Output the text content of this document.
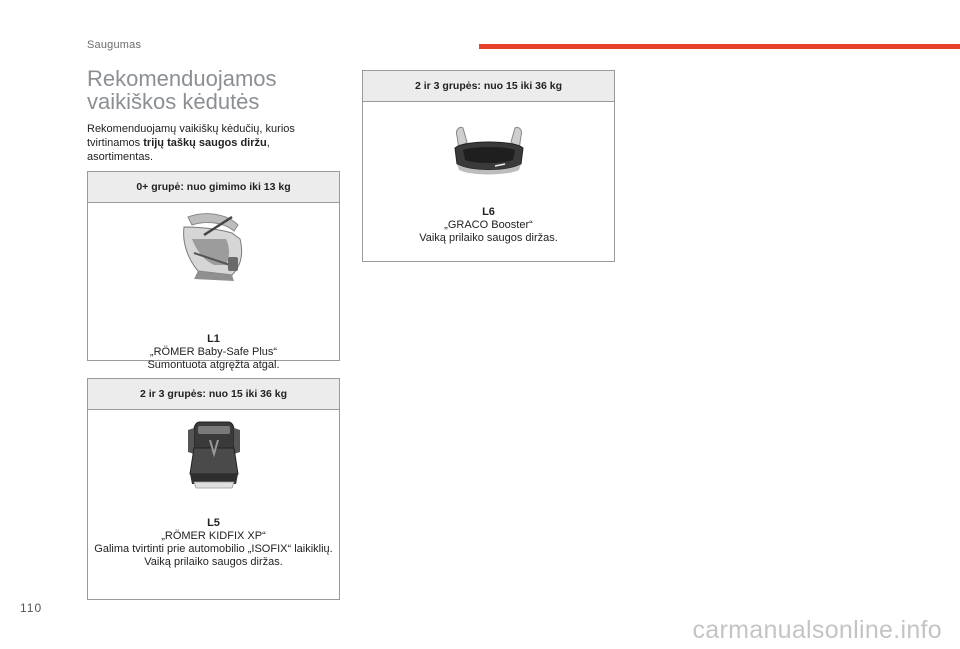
Saugumas
Rekomenduojamos
vaikiškos kėdutės
Rekomenduojamų vaikiškų kėdučių, kurios tvirtinamos trijų taškų saugos diržu, asortimentas.
0+ grupė: nuo gimimo iki 13 kg
L1
„RÖMER Baby-Safe Plus“
Sumontuota atgręžta atgal.
2 ir 3 grupės: nuo 15 iki 36 kg
L5
„RÖMER KIDFIX XP“
Galima tvirtinti prie automobilio „ISOFIX“ laikiklių.
Vaiką prilaiko saugos diržas.
2 ir 3 grupės: nuo 15 iki 36 kg
L6
„GRACO Booster“
Vaiką prilaiko saugos diržas.
110
carmanualsonline.info
